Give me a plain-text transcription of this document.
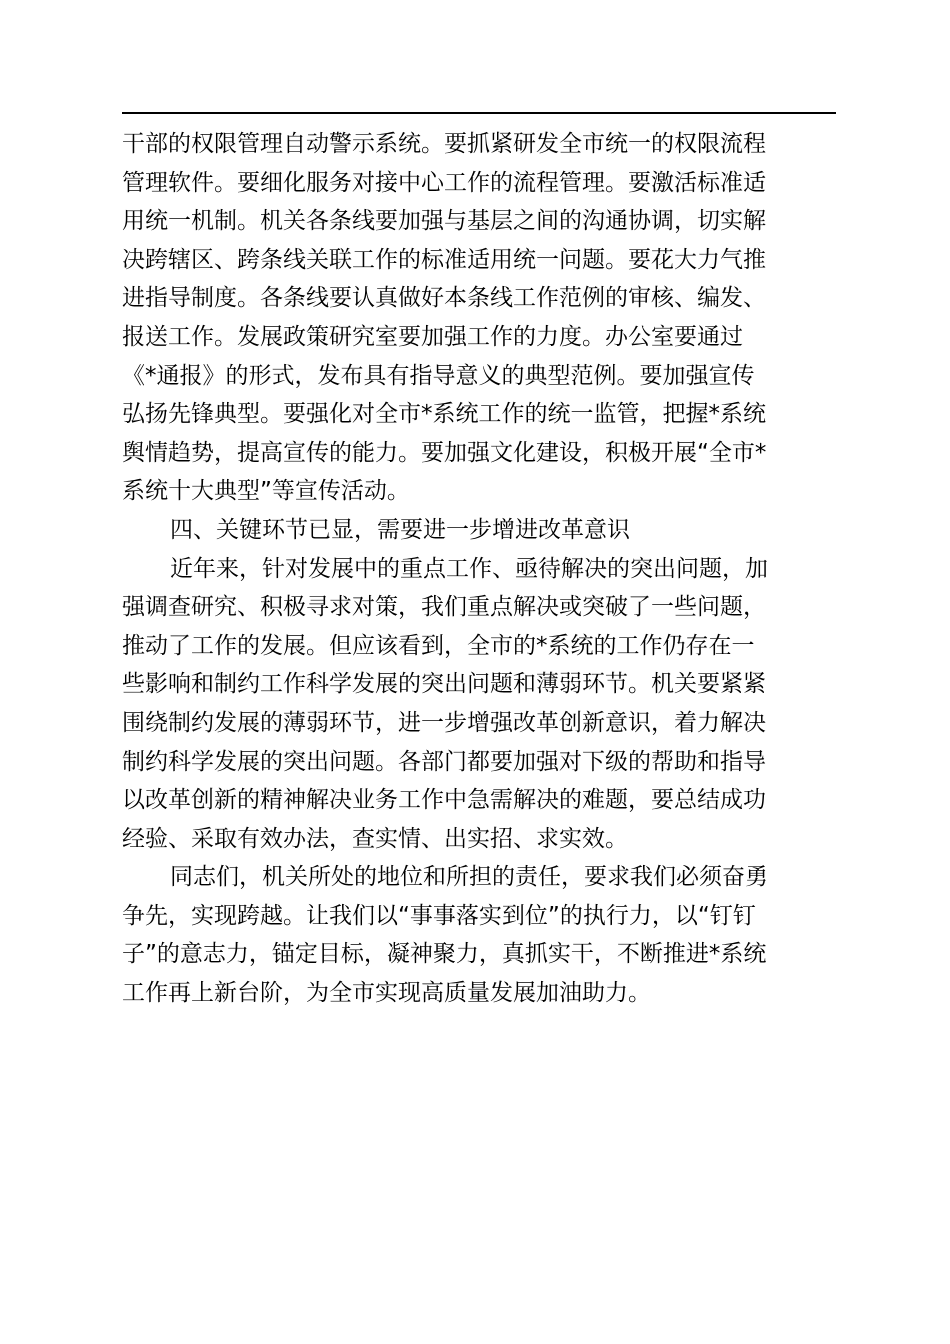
干部的权限管理自动警示系统。要抓紧研发全市统一的权限流程
管理软件。要细化服务对接中心工作的流程管理。要激活标准适
用统一机制。机关各条线要加强与基层之间的沟通协调，切实解
决跨辖区、跨条线关联工作的标准适用统一问题。要花大力气推
进指导制度。各条线要认真做好本条线工作范例的审核、编发、
报送工作。发展政策研究室要加强工作的力度。办公室要通过
《*通报》的形式，发布具有指导意义的典型范例。要加强宣传
弘扬先锋典型。要强化对全市*系统工作的统一监管，把握*系统
舆情趋势，提高宣传的能力。要加强文化建设，积极开展“全市*
系统十大典型”等宣传活动。
四、关键环节已显，需要进一步增进改革意识
近年来，针对发展中的重点工作、亟待解决的突出问题，加
强调查研究、积极寻求对策，我们重点解决或突破了一些问题，
推动了工作的发展。但应该看到，全市的*系统的工作仍存在一
些影响和制约工作科学发展的突出问题和薄弱环节。机关要紧紧
围绕制约发展的薄弱环节，进一步增强改革创新意识，着力解决
制约科学发展的突出问题。各部门都要加强对下级的帮助和指导
以改革创新的精神解决业务工作中急需解决的难题，要总结成功
经验、采取有效办法，查实情、出实招、求实效。
同志们，机关所处的地位和所担的责任，要求我们必须奋勇
争先，实现跨越。让我们以“事事落实到位”的执行力，以“钉钉
子”的意志力，锚定目标，凝神聚力，真抓实干，不断推进*系统
工作再上新台阶，为全市实现高质量发展加油助力。
